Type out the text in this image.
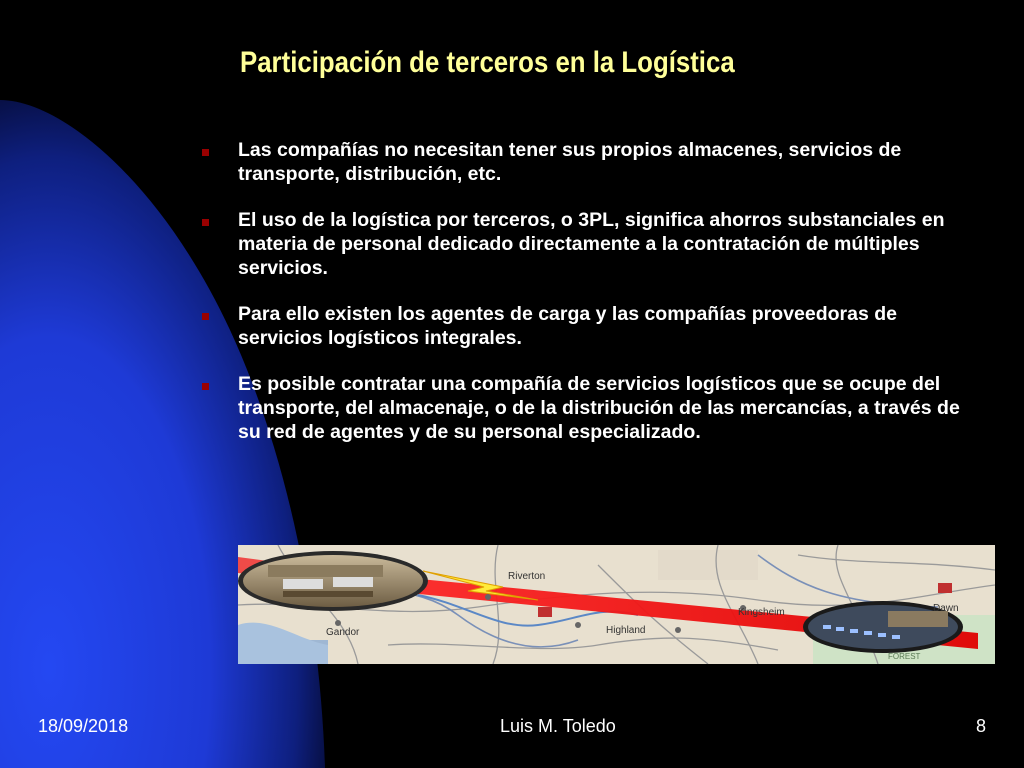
Participación de terceros en la Logística
Las compañías no necesitan tener sus propios almacenes, servicios de transporte, distribución, etc.
El uso de la logística por terceros, o 3PL, significa ahorros substanciales en materia de personal dedicado directamente a la contratación de múltiples servicios.
Para ello existen los agentes de carga y las compañías proveedoras de servicios logísticos integrales.
Es posible contratar una compañía de servicios logísticos que se ocupe del transporte, del almacenaje, o de la distribución de las mercancías, a través de su red de agentes y de su personal especializado.
Riverton
Kingsheim
Gandor	Highland
Dawn
FOREST
18/09/2018	Luis M. Toledo	8
